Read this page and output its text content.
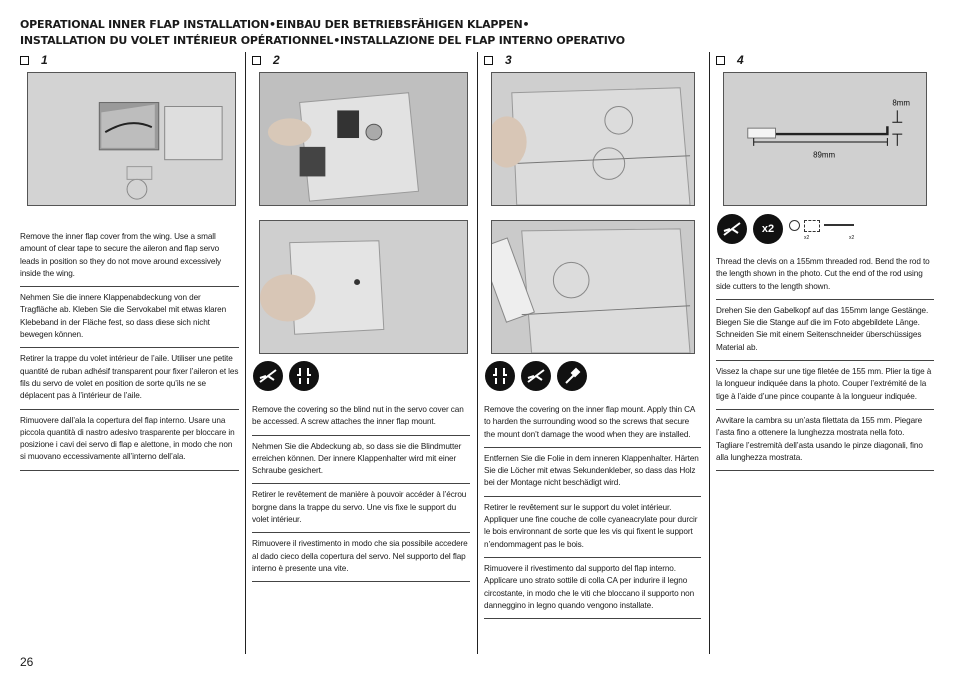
OPERATIONAL INNER FLAP INSTALLATION•EINBAU DER BETRIEBSFÄHIGEN KLAPPEN•
INSTALLATION DU VOLET INTÉRIEUR OPÉRATIONNEL•INSTALLAZIONE DEL FLAP INTERNO OPERATIVO
1

Remove the inner flap cover from the wing. Use a small amount of clear tape to secure the aileron and flap servo leads in position so they do not move around excessively inside the wing.

Nehmen Sie die innere Klappenabdeckung von der Tragfläche ab. Kleben Sie die Servokabel mit etwas klaren Klebeband in der Fläche fest, so dass diese sich nicht bewegen können.

Retirer la trappe du volet intérieur de l’aile. Utiliser une petite quantité de ruban adhésif transparent pour fixer l’aileron et les fils du servo de volet en position de sorte qu’ils ne se déplacent pas à l’intérieur de l’aile.

Rimuovere dall’ala la copertura del flap interno. Usare una piccola quantità di nastro adesivo trasparente per bloccare in posizione i cavi dei servo di flap e alettone, in modo che non si muovano eccessivamente all’interno dell’ala.

2

Remove the covering so the blind nut in the servo cover can be accessed. A screw attaches the inner flap mount.

Nehmen Sie die Abdeckung ab, so dass sie die Blindmutter erreichen können. Der innere Klappenhalter wird mit einer Schraube gesichert.

Retirer le revêtement de manière à pouvoir accéder à l’écrou borgne dans la trappe du servo. Une vis fixe le support du volet intérieur.

Rimuovere il rivestimento in modo che sia possibile accedere al dado cieco della copertura del servo. Nel supporto del flap interno è presente una vite.

3

Remove the covering on the inner flap mount. Apply thin CA to harden the surrounding wood so the screws that secure the mount don’t damage the wood when they are installed.

Entfernen Sie die Folie in dem inneren Klappenhalter. Härten Sie die Löcher mit etwas Sekundenkleber, so dass das Holz bei der Montage nicht beschädigt wird.

Retirer le revêtement sur le support du volet intérieur. Appliquer une fine couche de colle cyaneacrylate pour durcir le bois environnant de sorte que les vis qui fixent le support n’endommagent pas le bois.

Rimuovere il rivestimento dal supporto del flap interno. Applicare uno strato sottile di colla CA per indurire il legno circostante, in modo che le viti che bloccano il supporto non danneggino in legno quando vengono installate.

4
8mm
89mm
x2
x2	x2

Thread the clevis on a 155mm threaded rod. Bend the rod to the length shown in the photo. Cut the end of the rod using side cutters to the length shown.

Drehen Sie den Gabelkopf auf das 155mm lange Gestänge. Biegen Sie die Stange auf die im Foto abgebildete Länge. Schneiden Sie mit einem Seitenschneider überschüssiges Material ab.

Vissez la chape sur une tige filetée de 155 mm. Plier la tige à la longueur indiquée dans la photo. Couper l’extrémité de la tige à l’aide d’une pince coupante à la longueur indiquée.

Avvitare la cambra su un’asta filettata da 155 mm. Piegare l’asta fino a ottenere la lunghezza mostrata nella foto. Tagliare l’estremità dell’asta usando le pinze diagonali, fino alla lunghezza mostrata.

26
